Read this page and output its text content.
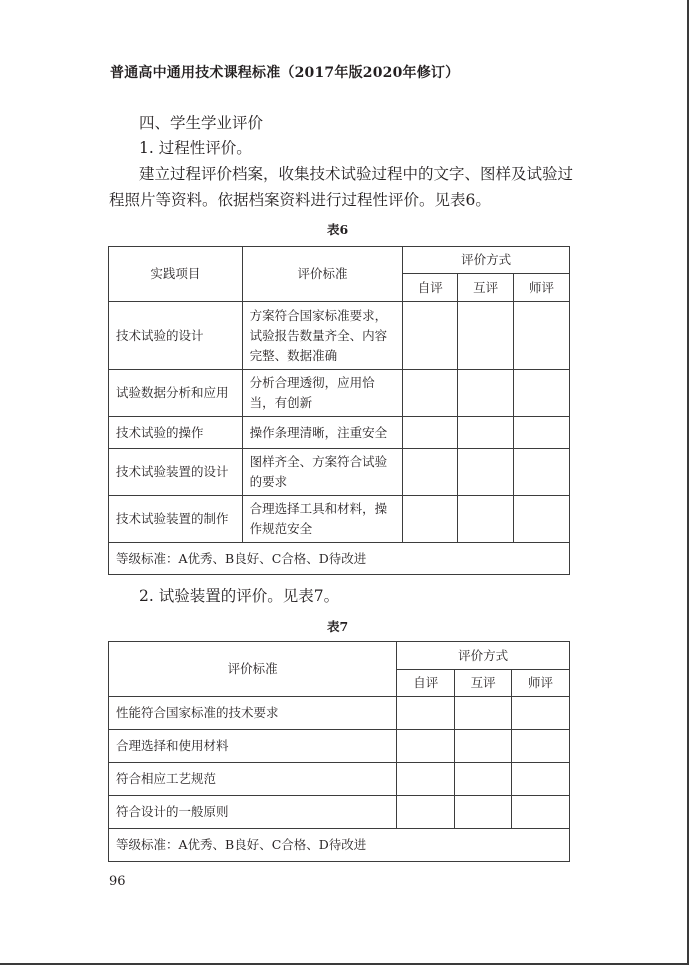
普通高中通用技术课程标准（2017年版2020年修订）
四、学生学业评价
1. 过程性评价。
建立过程评价档案，收集技术试验过程中的文字、图样及试验过
程照片等资料。依据档案资料进行过程性评价。见表6。
表6
实践项目	评价标准	评价方式		
		自评	互评	师评
技术试验的设计	方案符合国家标准要求，
试验报告数量齐全、内容
完整、数据准确			

试验数据分析和应用	分析合理透彻，应用恰
当，有创新			

技术试验的操作	操作条理清晰，注重安全			

技术试验装置的设计	图样齐全、方案符合试验
的要求			

技术试验装置的制作	合理选择工具和材料，操
作规范安全			

等级标准：A优秀、B良好、C合格、D待改进				
2. 试验装置的评价。见表7。
表7
评价标准	评价方式		
	自评	互评	师评
性能符合国家标准的技术要求			
合理选择和使用材料			
符合相应工艺规范			
符合设计的一般原则			
等级标准：A优秀、B良好、C合格、D待改进			
96
